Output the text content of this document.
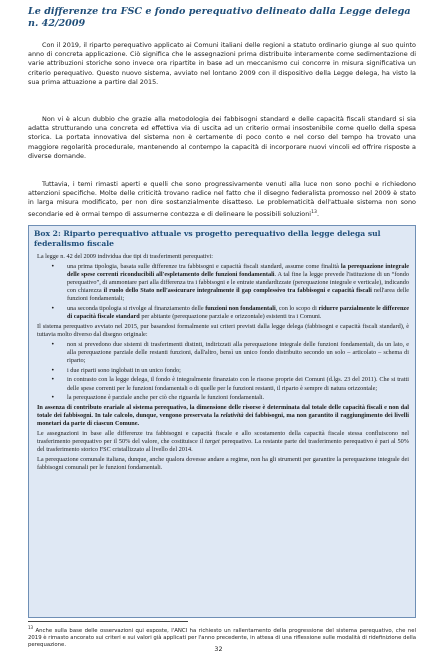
Le differenze tra FSC e fondo perequativo delineato dalla Legge delega n. 42/2009
Con il 2019, il riparto perequativo applicato ai Comuni italiani delle regioni a statuto ordinario giunge al suo quinto anno di concreta applicazione. Ciò significa che le assegnazioni prima distribuite interamente come sedimentazione di varie attribuzioni storiche sono invece ora ripartite in base ad un meccanismo cui concorre in misura significativa un criterio perequativo. Questo nuovo sistema, avviato nel lontano 2009 con il dispositivo della Legge delega, ha visto la sua prima attuazione a partire dal 2015.
Non vi è alcun dubbio che grazie alla metodologia dei fabbisogni standard e delle capacità fiscali standard si sia adatta strutturando una concreta ed effettiva via di uscita ad un criterio ormai insostenibile come quello della spesa storica. La portata innovativa del sistema non è certamente di poco conto e nel corso del tempo ha trovato una maggiore regolarità procedurale, mantenendo al contempo la capacità di incorporare nuovi vincoli ed offrire risposte a diverse domande.
Tuttavia, i temi rimasti aperti e quelli che sono progressivamente venuti alla luce non sono pochi e richiedono attenzioni specifiche. Molte delle criticità trovano radice nel fatto che il disegno federalista promosso nel 2009 è stato in larga misura modificato, per non dire sostanzialmente disatteso. Le problematicità dell'attuale sistema non sono secondarie ed è ormai tempo di assumerne contezza e di delineare le possibili soluzioni$^{13}$.
Box 2: Riparto perequativo attuale vs progetto perequativo della legge delega sul federalismo fiscale

La legge n. 42 del 2009 individua due tipi di trasferimenti perequativi:

• una prima tipologia, basata sulle differenze tra fabbisogni e capacità fiscali standard, assume come finalità la perequazione integrale delle spese correnti riconducibili all'espletamento delle funzioni fondamentali. A tal fine la legge prevede l'istituzione di un “fondo perequativo”, di ammontare pari alla differenza tra i fabbisogni e le entrate standardizzate (perequazione integrale e verticale), indicando con chiarezza il ruolo dello Stato nell'assicurare integralmente il gap complessivo tra fabbisogni e capacità fiscali nell'area delle funzioni fondamentali;
• una seconda tipologia si rivolge al finanziamento delle funzioni non fondamentali, con lo scopo di ridurre parzialmente le differenze di capacità fiscale standard per abitante (perequazione parziale e orizzontale) esistenti tra i Comuni.

Il sistema perequativo avviato nel 2015, pur basandosi formalmente sui criteri previsti dalla legge delega (fabbisogni e capacità fiscali standard), è tuttavia molto diverso dal disegno originale:

• non si prevedono due sistemi di trasferimenti distinti, indirizzati alla perequazione integrale delle funzioni fondamentali, da un lato, e alla perequazione parziale delle restanti funzioni, dall'altro, bensì un unico fondo distribuito secondo un solo – articolato – schema di riparto;
• i due riparti sono inglobati in un unico fondo;
• in contrasto con la legge delega, il fondo è integralmente finanziato con le risorse proprie dei Comuni (d.lgs. 23 del 2011). Che si tratti delle spese correnti per le funzioni fondamentali o di quelle per le funzioni restanti, il riparto è sempre di natura orizzontale;
• la perequazione è parziale anche per ciò che riguarda le funzioni fondamentali.

In assenza di contributo erariale al sistema perequativo, la dimensione delle risorse è determinata dal totale delle capacità fiscali e non dal totale dei fabbisogni. In tale calcolo, dunque, vengono preservata la relatività dei fabbisogni, ma non garantito il raggiungimento dei livelli monetari da parte di ciascun Comune.

Le assegnazioni in base alle differenze tra fabbisogni e capacità fiscale e allo scostamento della capacità fiscale stessa confluiscono nel trasferimento perequativo per il 50% del valore, che costituisce il target perequativo. La restante parte del trasferimento perequativo è pari al 50% del trasferimento storico FSC cristallizzato al livello del 2014.

La perequazione comunale italiana, dunque, anche qualora dovesse andare a regime, non ha gli strumenti per garantire la perequazione integrale dei fabbisogni comunali per le funzioni fondamentali.

$^{13}$ Anche sulla base delle osservazioni qui esposte, l'ANCI ha richiesto un rallentamento della progressione del sistema perequativo, che nel 2019 è rimasto ancorato sui criteri e sui valori già applicati per l'anno precedente, in attesa di una riflessione sulle modalità di ridefinizione della perequazione.
32
